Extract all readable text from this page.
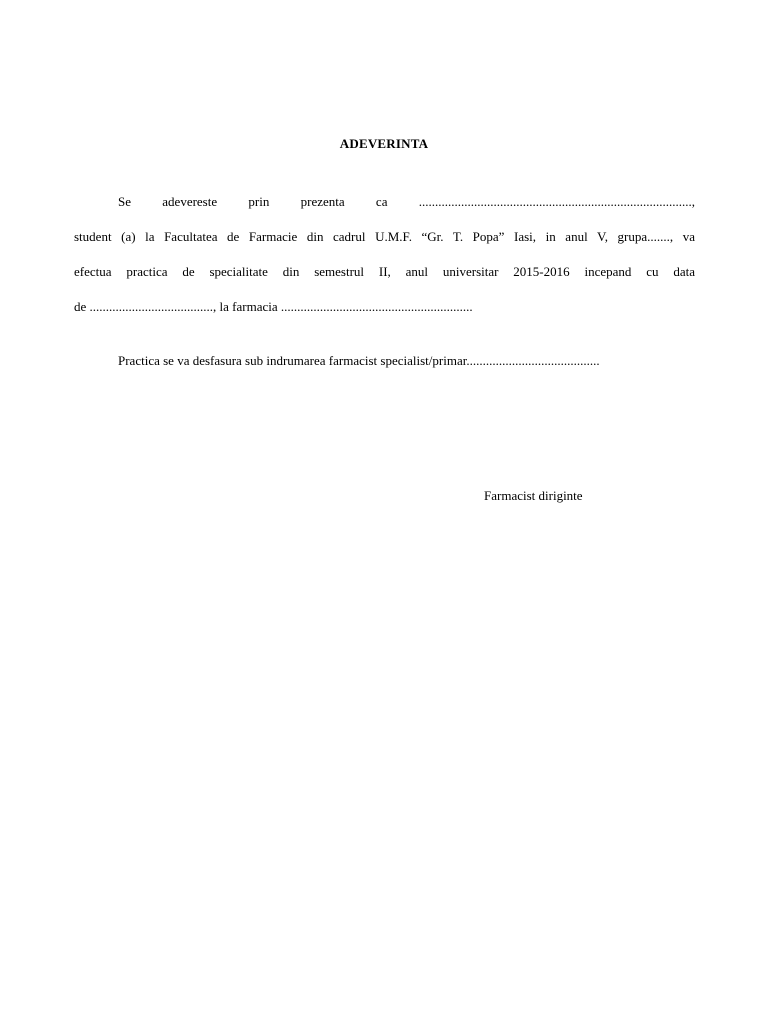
ADEVERINTA
Se adevereste prin prezenta ca ....................................................................................,
student (a) la Facultatea de Farmacie din cadrul U.M.F. “Gr. T. Popa” Iasi, in anul V, grupa......., va
efectua practica de specialitate din semestrul II, anul universitar 2015-2016 incepand cu data
de ......................................, la farmacia ...........................................................
Practica se va desfasura sub indrumarea farmacist specialist/primar.........................................
Farmacist diriginte
